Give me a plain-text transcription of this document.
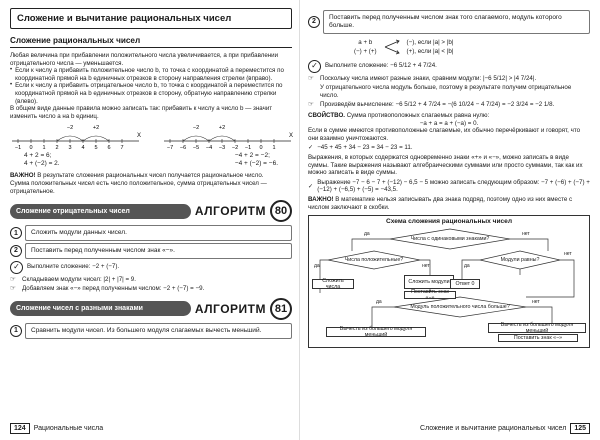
Сложение и вычитание рациональных чисел
Сложение рациональных чисел

Любая величина при прибавлении положительного числа увеличивается, а при прибавлении отрицательного числа — уменьшается.

• Если к числу a прибавить положительное число b, то точка с координатой a переместится по координатной прямой на b единичных отрезков в сторону направления стрелки (вправо).
• Если к числу a прибавить отрицательное число b, то точка с координатой a переместится по координатной прямой на b единичных отрезков в сторону, обратную направлению стрелки (влево).

В общем виде данные правила можно записать так: прибавить к числу a число b — значит изменить число a на b единиц.

X
−1 0 1 2 3 4 5 6 7
−2	+2
X
−7 −6 −5 −4 −3 −2 −1 0 1
−2	+2
4 + 2 = 6;
4 + (−2) = 2.
−4 + 2 = −2;
−4 + (−2) = −6.

ВАЖНО! В результате сложения рациональных чисел получается рациональное число.

Сумма положительных чисел есть число положительное, сумма отрицательных чисел — отрицательное.

Сложение отрицательных чисел	АЛГОРИТМ 80
1	Сложить модули данных чисел.
2	Поставить перед полученным числом знак «−».
✓	Выполните сложение: −2 + (−7).
☞ Складываем модули чисел: |2| + |7| = 9.
☞ Добавляем знак «−» перед полученным числом: −2 + (−7) = −9.
Сложение чисел с разными знаками	АЛГОРИТМ 81
1	Сравнить модули чисел. Из большего модуля слагаемых вычесть меньший.
124	Рациональные числа
2
Поставить перед полученным числом знак того слагаемого, модуль которого больше.
a + b
(−) + (+)
(−), если |a| > |b|
(+), если |a| < |b|
✓	Выполните сложение: −6 5/12 + 4 7/24.
☞ Поскольку числа имеют разные знаки, сравним модули: |−6 5/12| > |4 7/24|.

У отрицательного числа модуль больше, поэтому в результате получим отрицательное число.

☞ Произведём вычисление: −6 5/12 + 4 7/24 = −(6 10/24 − 4 7/24) = −2 3/24 = −2 1/8.

СВОЙСТВО. Сумма противоположных слагаемых равна нулю:

−a + a = a + (−a) = 0.

Если в сумме имеются противоположные слагаемые, их обычно перечёркивают и говорят, что они взаимно уничтожаются.

✓ −45 + 45 + 34 − 23 = 34 − 23 = 11.

Выражения, в которых содержатся одновременно знаки «+» и «−», можно записать в виде суммы. Такие выражения называют алгебраическими суммами или просто суммами, так как их можно записать в виде суммы.

✓
Выражение −7 − 6 − 7 + (−12) − 6,5 − 5 можно записать следующим образом: −7 + (−6) + (−7) + (−12) + (−6,5) + (−5) = −43,5.

ВАЖНО! В математике нельзя записывать два знака подряд, поэтому одно из них вместе с числом заключают в скобки.

Схема сложения рациональных чисел
Числа с одинаковыми знаками?
да	нет
Числа положительные?
да	нет
Модули равны?
да
нет
Сложить числа
Сложить модули	Ответ 0
Поставить знак «−»
Модуль положительного числа больше?
да	нет
Вычесть из большего модуля меньший
Вычесть из большего модуля меньший
Поставить знак «−»
Сложение и вычитание рациональных чисел	125
